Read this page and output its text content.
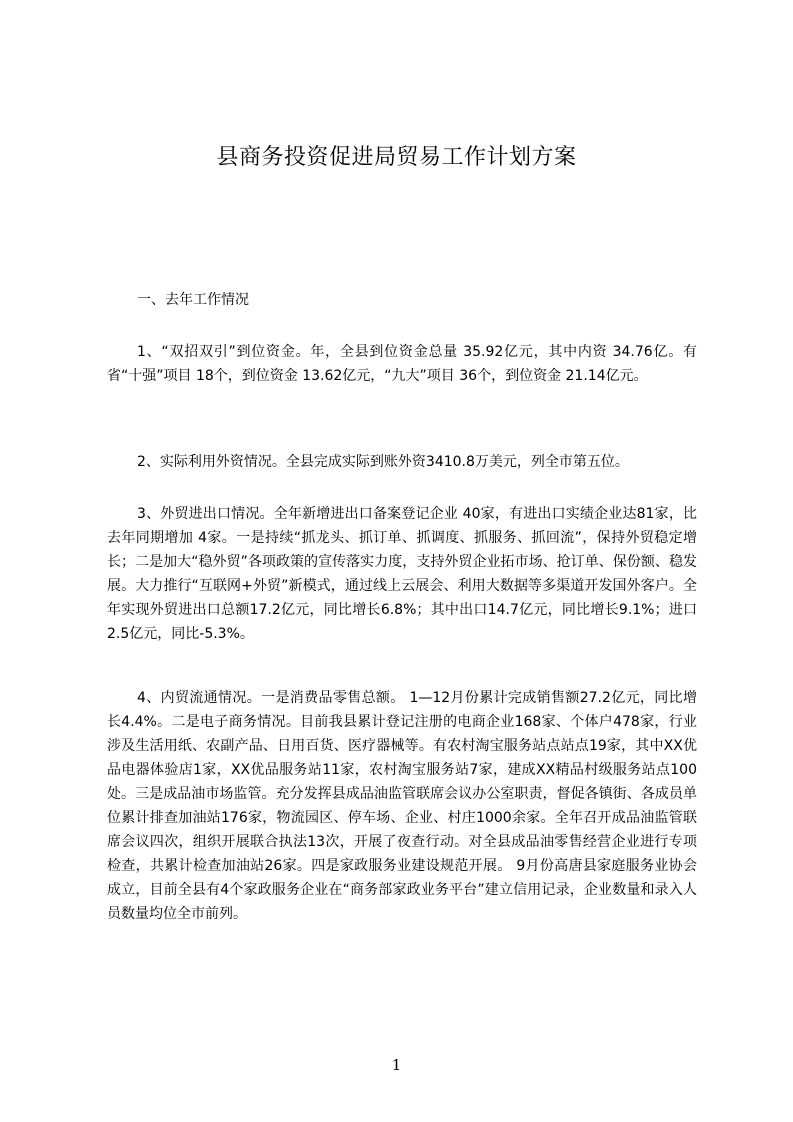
县商务投资促进局贸易工作计划方案
一、去年工作情况

1、“双招双引”到位资金。年，全县到位资金总量 35.92亿元，其中内资 34.76亿。有省“十强”项目 18个，到位资金 13.62亿元，“九大”项目 36个，到位资金 21.14亿元。

2、实际利用外资情况。全县完成实际到账外资3410.8万美元，列全市第五位。

3、外贸进出口情况。全年新增进出口备案登记企业 40家，有进出口实绩企业达81家，比去年同期增加 4家。一是持续“抓龙头、抓订单、抓调度、抓服务、抓回流”，保持外贸稳定增长；二是加大“稳外贸”各项政策的宣传落实力度，支持外贸企业拓市场、抢订单、保份额、稳发展。大力推行“互联网+外贸”新模式，通过线上云展会、利用大数据等多渠道开发国外客户。全年实现外贸进出口总额17.2亿元，同比增长6.8%；其中出口14.7亿元，同比增长9.1%；进口2.5亿元，同比-5.3%。

4、内贸流通情况。一是消费品零售总额。 1—12月份累计完成销售额27.2亿元，同比增长4.4%。二是电子商务情况。目前我县累计登记注册的电商企业168家、个体户478家，行业涉及生活用纸、农副产品、日用百货、医疗器械等。有农村淘宝服务站点站点19家，其中XX优品电器体验店1家，XX优品服务站11家，农村淘宝服务站7家，建成XX精品村级服务站点100处。三是成品油市场监管。充分发挥县成品油监管联席会议办公室职责，督促各镇街、各成员单位累计排查加油站176家，物流园区、停车场、企业、村庄1000余家。全年召开成品油监管联席会议四次，组织开展联合执法13次，开展了夜查行动。对全县成品油零售经营企业进行专项检查，共累计检查加油站26家。四是家政服务业建设规范开展。 9月份高唐县家庭服务业协会成立，目前全县有4个家政服务企业在“商务部家政业务平台”建立信用记录，企业数量和录入人员数量均位全市前列。

1
